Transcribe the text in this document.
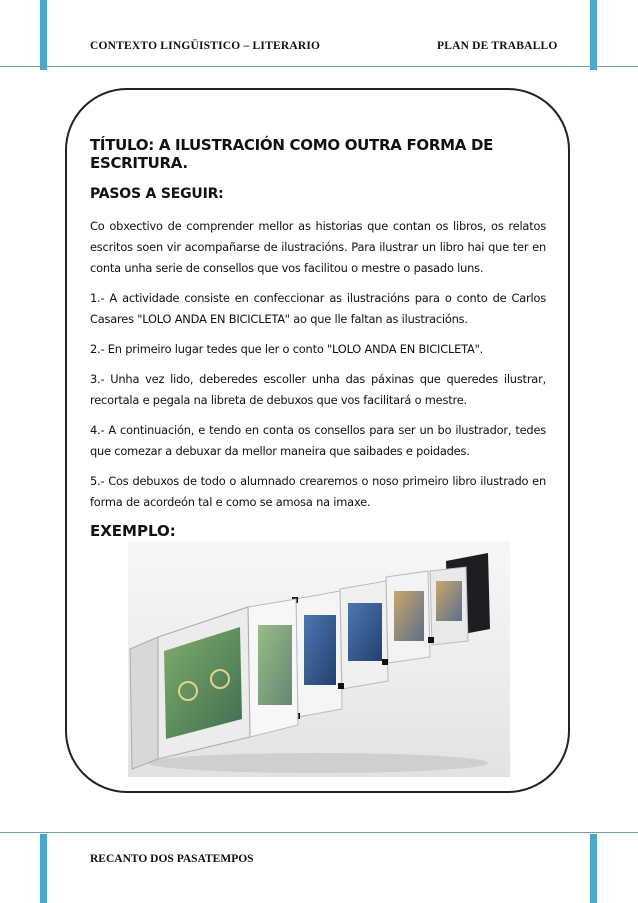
CONTEXTO LINGÜISTICO – LITERARIO	PLAN DE TRABALLO

TÍTULO: A ILUSTRACIÓN COMO OUTRA FORMA DE ESCRITURA.

PASOS A SEGUIR:

Co obxectivo de comprender mellor as historias que contan os libros, os relatos escritos soen vir acompañarse de ilustracións. Para ilustrar un libro hai que ter en conta unha serie de consellos que vos facilitou o mestre o pasado luns.

1.- A actividade consiste en confeccionar as ilustracións para o conto de Carlos Casares "LOLO ANDA EN BICICLETA" ao que lle faltan as ilustracións.

2.- En primeiro lugar tedes que ler o conto "LOLO ANDA EN BICICLETA".

3.- Unha vez lido, deberedes escoller unha das páxinas que queredes ilustrar, recortala e pegala na libreta de debuxos que vos facilitará o mestre.

4.- A continuación, e tendo en conta os consellos para ser un bo ilustrador, tedes que comezar a debuxar da mellor maneira que saibades e poidades.

5.- Cos debuxos de todo o alumnado crearemos o noso primeiro libro ilustrado en forma de acordeón tal e como se amosa na imaxe.

EXEMPLO:

RECANTO DOS PASATEMPOS
